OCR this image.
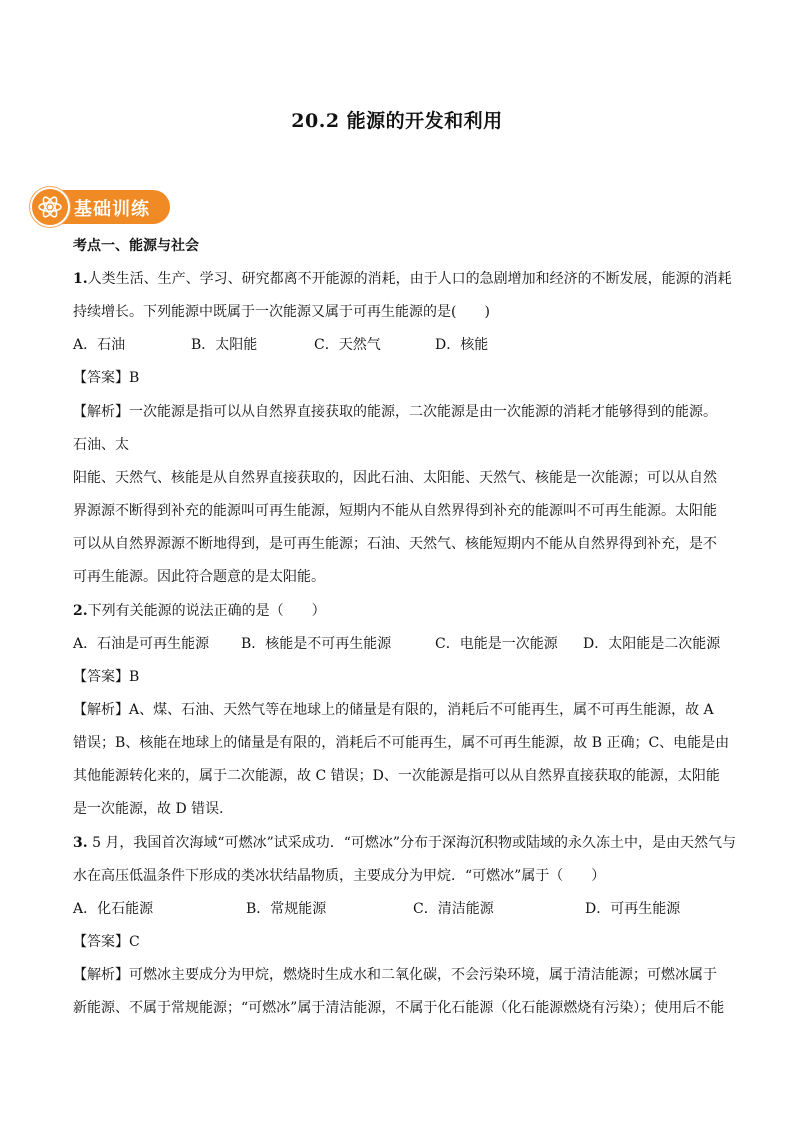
20.2 能源的开发和利用
基础训练
考点一、能源与社会
1.人类生活、生产、学习、研究都离不开能源的消耗，由于人口的急剧增加和经济的不断发展，能源的消耗
持续增长。下列能源中既属于一次能源又属于可再生能源的是(　　)
A．石油	B．太阳能	C．天然气	D．核能
【答案】B
【解析】一次能源是指可以从自然界直接获取的能源，二次能源是由一次能源的消耗才能够得到的能源。
石油、太
阳能、天然气、核能是从自然界直接获取的，因此石油、太阳能、天然气、核能是一次能源；可以从自然
界源源不断得到补充的能源叫可再生能源，短期内不能从自然界得到补充的能源叫不可再生能源。太阳能
可以从自然界源源不断地得到，是可再生能源；石油、天然气、核能短期内不能从自然界得到补充，是不
可再生能源。因此符合题意的是太阳能。
2.下列有关能源的说法正确的是（　　）
A．石油是可再生能源 B．核能是不可再生能源	C．电能是一次能源 D．太阳能是二次能源
【答案】B
【解析】A、煤、石油、天然气等在地球上的储量是有限的，消耗后不可能再生，属不可再生能源，故 A
错误；B、核能在地球上的储量是有限的，消耗后不可能再生，属不可再生能源，故 B 正确；C、电能是由
其他能源转化来的，属于二次能源，故 C 错误；D、一次能源是指可以从自然界直接获取的能源，太阳能
是一次能源，故 D 错误．
3. 5 月，我国首次海域“可燃冰”试采成功．“可燃冰”分布于深海沉积物或陆域的永久冻土中，是由天然气与
水在高压低温条件下形成的类冰状结晶物质，主要成分为甲烷．“可燃冰”属于（　　）
A．化石能源	B．常规能源	C．清洁能源	D．可再生能源
【答案】C
【解析】可燃冰主要成分为甲烷，燃烧时生成水和二氧化碳，不会污染环境，属于清洁能源；可燃冰属于
新能源、不属于常规能源；“可燃冰”属于清洁能源，不属于化石能源（化石能源燃烧有污染）；使用后不能
